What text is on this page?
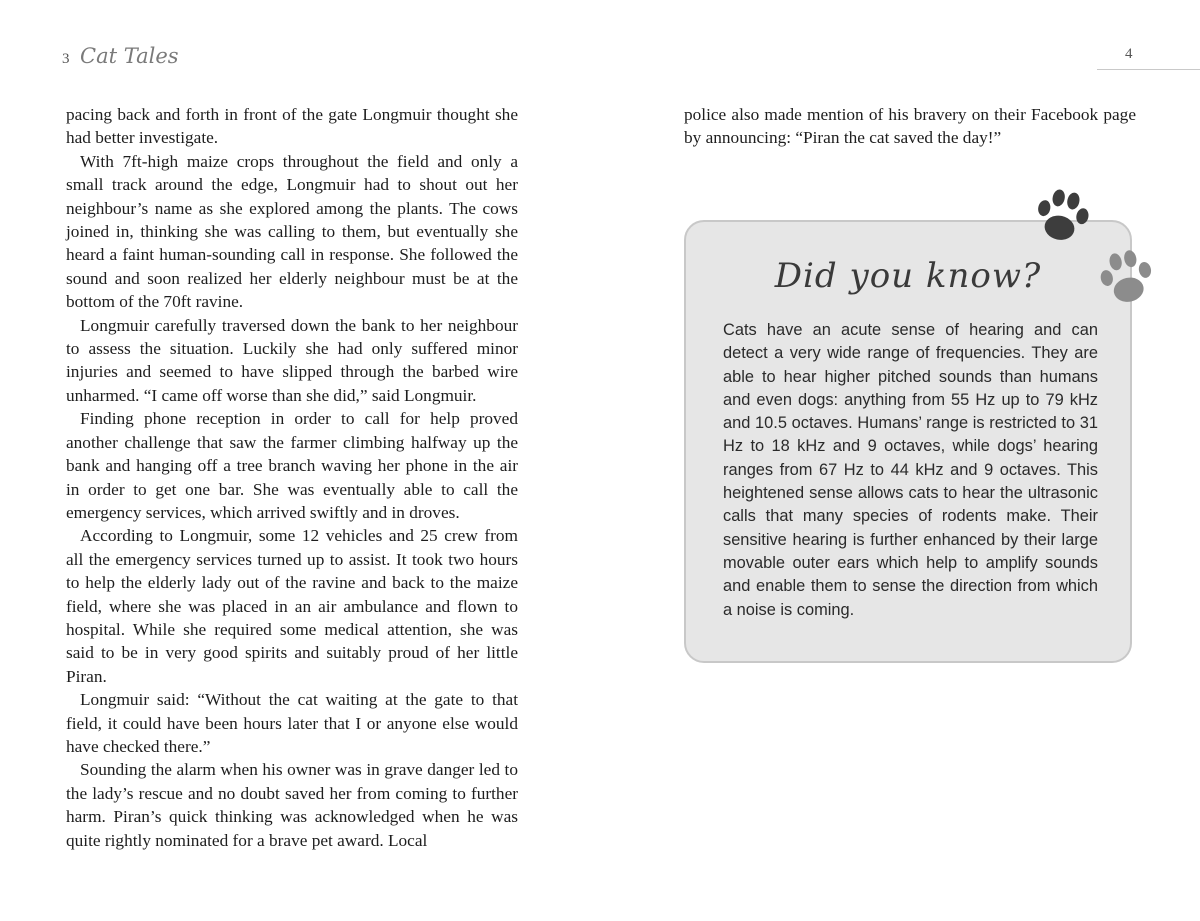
3 Cat Tales	4

pacing back and forth in front of the gate Longmuir thought she had better investigate.

With 7ft-high maize crops throughout the field and only a small track around the edge, Longmuir had to shout out her neighbour’s name as she explored among the plants. The cows joined in, thinking she was calling to them, but eventually she heard a faint human-sounding call in response. She followed the sound and soon realized her elderly neighbour must be at the bottom of the 70ft ravine.

Longmuir carefully traversed down the bank to her neighbour to assess the situation. Luckily she had only suffered minor injuries and seemed to have slipped through the barbed wire unharmed. “I came off worse than she did,” said Longmuir.

Finding phone reception in order to call for help proved another challenge that saw the farmer climbing halfway up the bank and hanging off a tree branch waving her phone in the air in order to get one bar. She was eventually able to call the emergency services, which arrived swiftly and in droves.

According to Longmuir, some 12 vehicles and 25 crew from all the emergency services turned up to assist. It took two hours to help the elderly lady out of the ravine and back to the maize field, where she was placed in an air ambulance and flown to hospital. While she required some medical attention, she was said to be in very good spirits and suitably proud of her little Piran.

Longmuir said: “Without the cat waiting at the gate to that field, it could have been hours later that I or anyone else would have checked there.”

Sounding the alarm when his owner was in grave danger led to the lady’s rescue and no doubt saved her from coming to further harm. Piran’s quick thinking was acknowledged when he was quite rightly nominated for a brave pet award. Local

police also made mention of his bravery on their Facebook page by announcing: “Piran the cat saved the day!”

Did you know?
Cats have an acute sense of hearing and can detect a very wide range of frequencies. They are able to hear higher pitched sounds than humans and even dogs: anything from 55 Hz up to 79 kHz and 10.5 octaves. Humans’ range is restricted to 31 Hz to 18 kHz and 9 octaves, while dogs’ hearing ranges from 67 Hz to 44 kHz and 9 octaves. This heightened sense allows cats to hear the ultrasonic calls that many species of rodents make. Their sensitive hearing is further enhanced by their large movable outer ears which help to amplify sounds and enable them to sense the direction from which a noise is coming.
